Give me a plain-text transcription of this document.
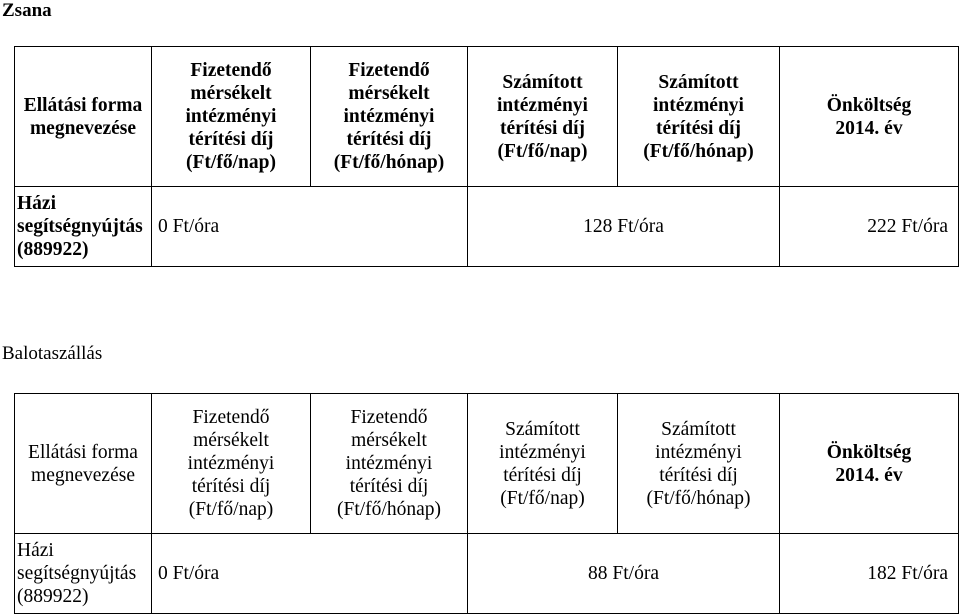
Zsana
Ellátási forma
megnevezése	Fizetendő
mérsékelt
intézményi
térítési díj
(Ft/fő/nap)	Fizetendő
mérsékelt
intézményi
térítési díj
(Ft/fő/hónap)	Számított
intézményi
térítési díj
(Ft/fő/nap)	Számított
intézményi
térítési díj
(Ft/fő/hónap)	Önköltség
2014. év

Házi
segítségnyújtás
(889922)	0 Ft/óra		128 Ft/óra		222 Ft/óra
Balotaszállás
Ellátási forma
megnevezése	Fizetendő
mérsékelt
intézményi
térítési díj
(Ft/fő/nap)	Fizetendő
mérsékelt
intézményi
térítési díj
(Ft/fő/hónap)	Számított
intézményi
térítési díj
(Ft/fő/nap)	Számított
intézményi
térítési díj
(Ft/fő/hónap)	Önköltség
2014. év

Házi
segítségnyújtás
(889922)	0 Ft/óra		88 Ft/óra		182 Ft/óra
